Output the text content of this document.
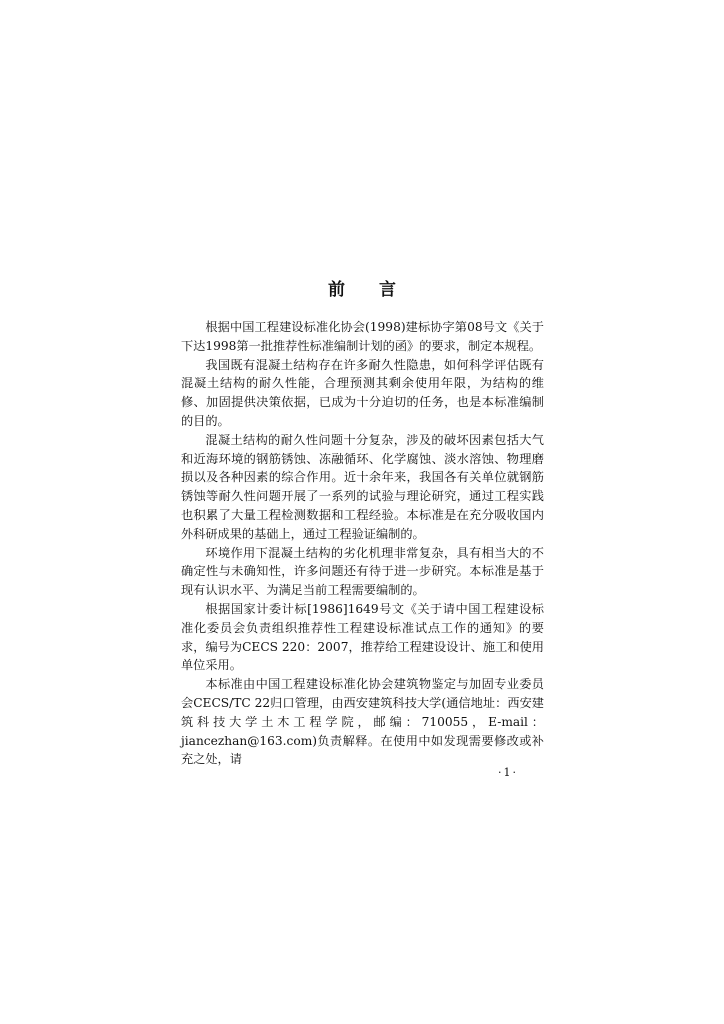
前 言

根据中国工程建设标准化协会(1998)建标协字第08号文《关于下达1998第一批推荐性标准编制计划的函》的要求，制定本规程。

我国既有混凝土结构存在许多耐久性隐患，如何科学评估既有混凝土结构的耐久性能，合理预测其剩余使用年限，为结构的维修、加固提供决策依据，已成为十分迫切的任务，也是本标准编制的目的。

混凝土结构的耐久性问题十分复杂，涉及的破坏因素包括大气和近海环境的钢筋锈蚀、冻融循环、化学腐蚀、淡水溶蚀、物理磨损以及各种因素的综合作用。近十余年来，我国各有关单位就钢筋锈蚀等耐久性问题开展了一系列的试验与理论研究，通过工程实践也积累了大量工程检测数据和工程经验。本标准是在充分吸收国内外科研成果的基础上，通过工程验证编制的。

环境作用下混凝土结构的劣化机理非常复杂，具有相当大的不确定性与未确知性，许多问题还有待于进一步研究。本标准是基于现有认识水平、为满足当前工程需要编制的。

根据国家计委计标[1986]1649号文《关于请中国工程建设标准化委员会负责组织推荐性工程建设标准试点工作的通知》的要求，编号为CECS 220：2007，推荐给工程建设设计、施工和使用单位采用。

本标准由中国工程建设标准化协会建筑物鉴定与加固专业委员会CECS/TC 22归口管理，由西安建筑科技大学(通信地址：西安建筑科技大学土木工程学院，邮编：710055，E-mail：jiancezhan@163.com)负责解释。在使用中如发现需要修改或补充之处，请

·1·
